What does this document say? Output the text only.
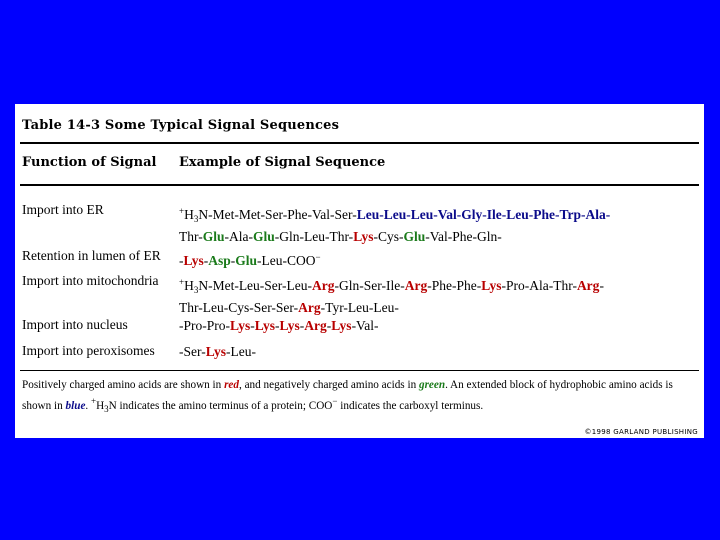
Table 14-3 Some Typical Signal Sequences
Function of Signal Example of Signal Sequence
Import into ER	$^+H_3N-Met-Met-Ser-Phe-Val-Ser-Leu-Leu-Leu-Val-Gly-Ile-Leu-Phe-Trp-Ala-$
Thr-Glu-Ala-Glu-Gln-Leu-Thr-Lys-Cys-Glu-Val-Phe-Gln-
Retention in lumen of ER -Lys-Asp-Glu-Leu-COO−
Import into mitochondria $^+H_3N-Met-Leu-Ser-Leu-Arg-Gln-Ser-Ile-Arg-Phe-Phe-Lys-Pro-Ala-Thr-Arg-$
Thr-Leu-Cys-Ser-Ser-Arg-Tyr-Leu-Leu-
Import into nucleus	-Pro-Pro-Lys-Lys-Lys-Arg-Lys-Val-
Import into peroxisomes -Ser-Lys-Leu-
Positively charged amino acids are shown in red, and negatively charged amino acids in green. An extended block of hydrophobic amino acids is shown in blue. $^+H_3N$ indicates the amino terminus of a protein; COO− indicates the carboxyl terminus.
©1998 GARLAND PUBLISHING
